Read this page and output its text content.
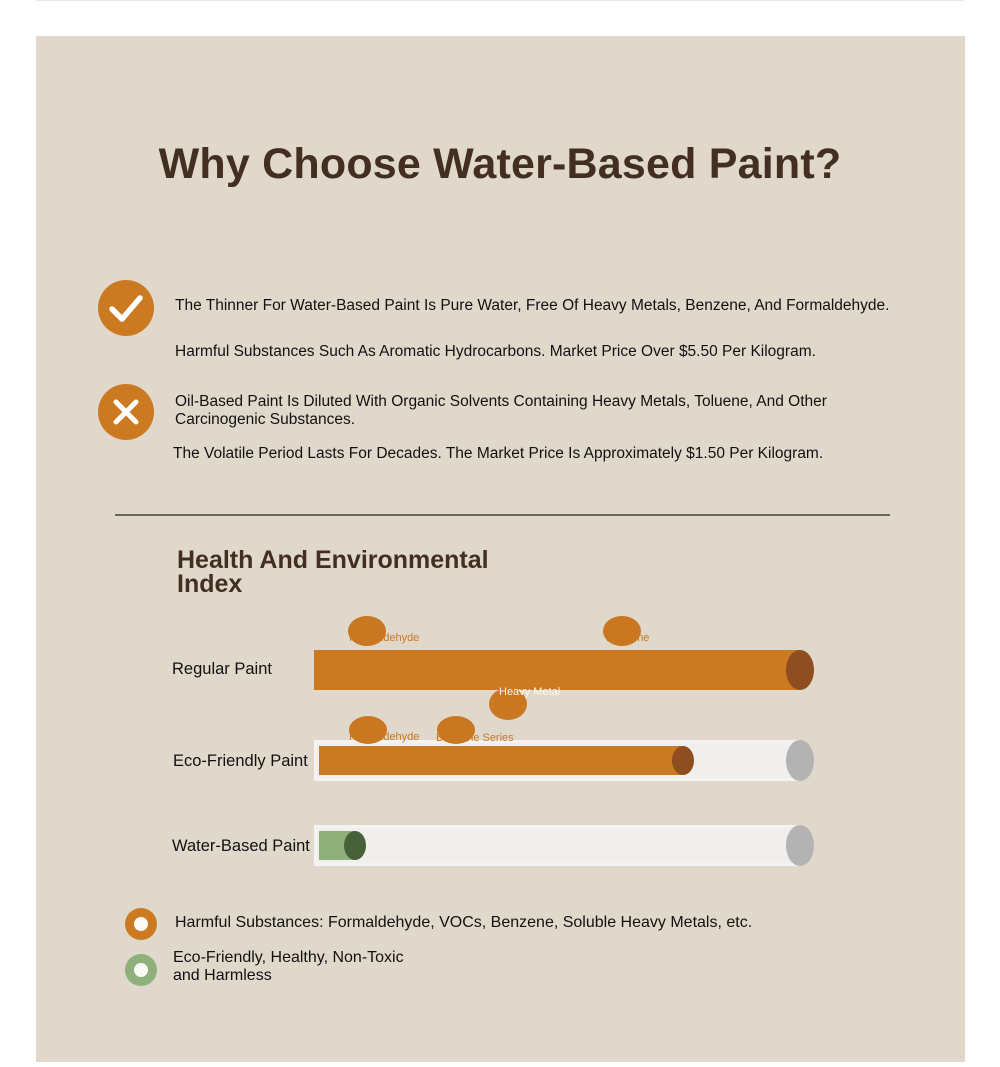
Why Choose Water-Based Paint?
The Thinner For Water-Based Paint Is Pure Water, Free Of Heavy Metals, Benzene, And Formaldehyde.
Harmful Substances Such As Aromatic Hydrocarbons. Market Price Over $5.50 Per Kilogram.
Oil-Based Paint Is Diluted With Organic Solvents Containing Heavy Metals, Toluene, And Other Carcinogenic Substances.
The Volatile Period Lasts For Decades. The Market Price Is Approximately $1.50 Per Kilogram.
Health And Environmental Index
Regular Paint
Formaldehyde	Benzene
Heavy Metal
Eco-Friendly Paint
Formaldehyde Benzene Series
Water-Based Paint
Harmful Substances: Formaldehyde, VOCs, Benzene, Soluble Heavy Metals, etc.
Eco-Friendly, Healthy, Non-Toxic and Harmless
